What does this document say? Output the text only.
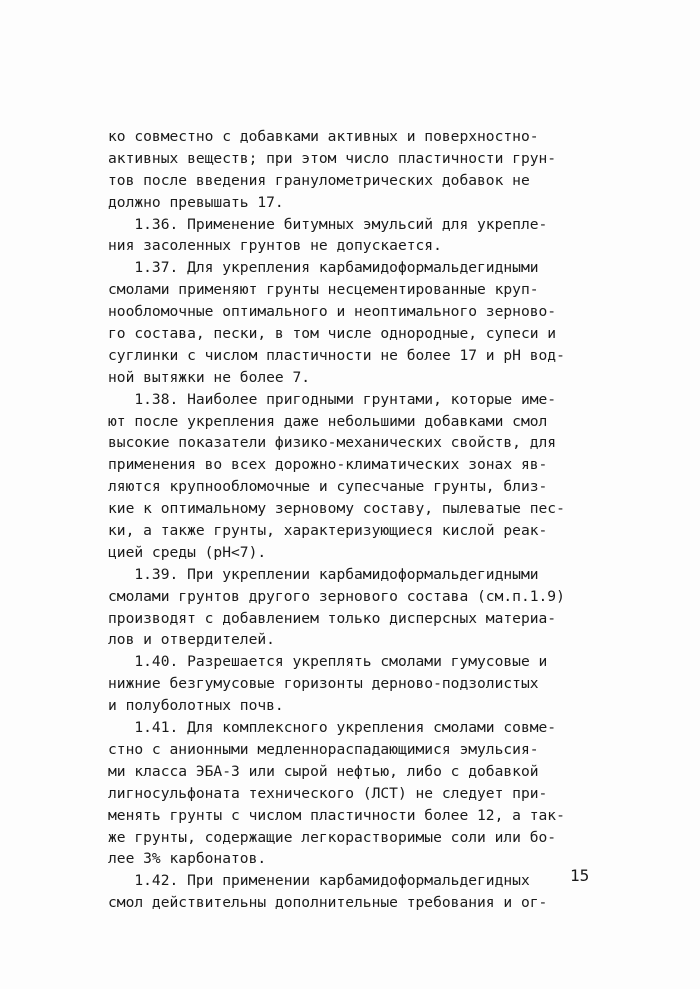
ко совместно с добавками активных и поверхностно-
активных веществ; при этом число пластичности грун-
тов после введения гранулометрических добавок не
должно превышать 17.
1.36. Применение битумных эмульсий для укрепле-
ния засоленных грунтов не допускается.
1.37. Для укрепления карбамидоформальдегидными
смолами применяют грунты несцементированные круп-
нообломочные оптимального и неоптимального зерново-
го состава, пески, в том числе однородные, супеси и
суглинки с числом пластичности не более 17 и pH вод-
ной вытяжки не более 7.
1.38. Наиболее пригодными грунтами, которые име-
ют после укрепления даже небольшими добавками смол
высокие показатели физико-механических свойств, для
применения во всех дорожно-климатических зонах яв-
ляются крупнообломочные и супесчаные грунты, близ-
кие к оптимальному зерновому составу, пылеватые пес-
ки, а также грунты, характеризующиеся кислой реак-
цией среды (pH<7).
1.39. При укреплении карбамидоформальдегидными
смолами грунтов другого зернового состава (см.п.1.9)
производят с добавлением только дисперсных материа-
лов и отвердителей.
1.40. Разрешается укреплять смолами гумусовые и
нижние безгумусовые горизонты дерново-подзолистых
и полуболотных почв.
1.41. Для комплексного укрепления смолами совме-
стно с анионными медленнораспадающимися эмульсия-
ми класса ЭБА-3 или сырой нефтью, либо с добавкой
лигносульфоната технического (ЛСТ) не следует при-
менять грунты с числом пластичности более 12, а так-
же грунты, содержащие легкорастворимые соли или бо-
лее 3% карбонатов.
1.42. При применении карбамидоформальдегидных
смол действительны дополнительные требования и ог-
15
